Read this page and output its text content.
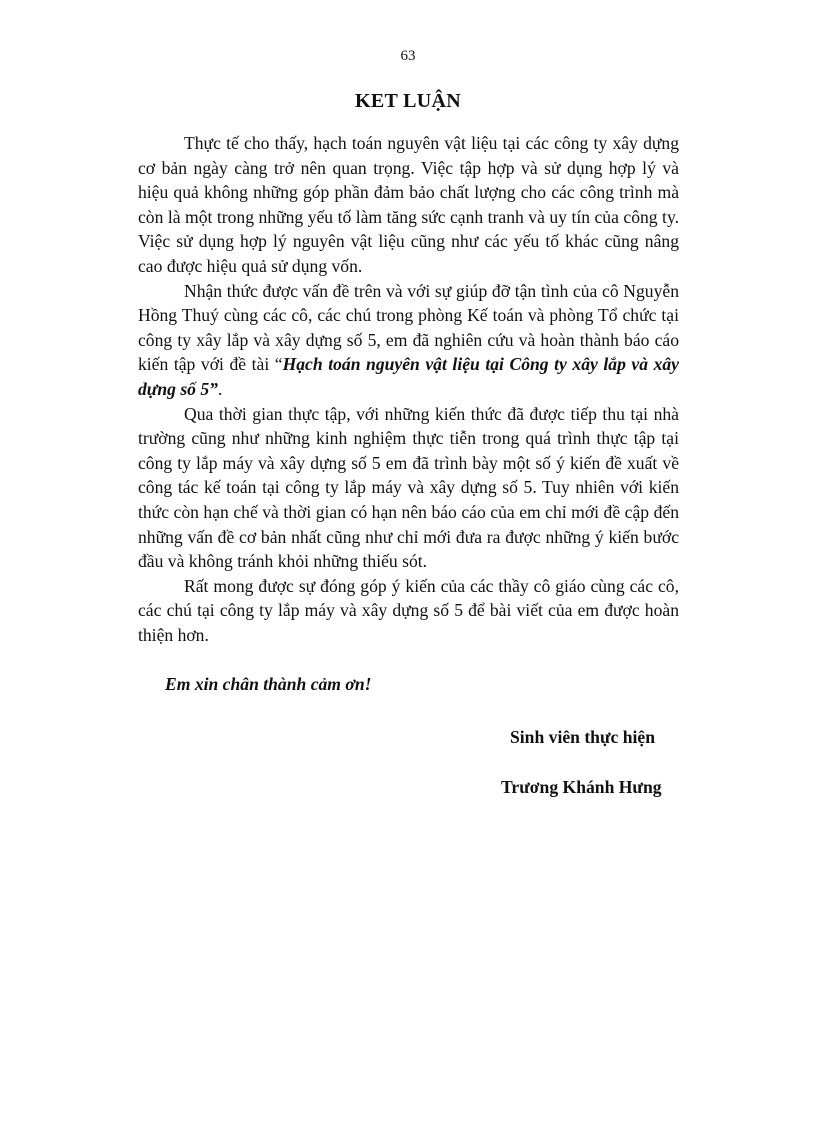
63
KET LUẬN

Thực tế cho thấy, hạch toán nguyên vật liệu tại các công ty xây dựng cơ bản ngày càng trở nên quan trọng. Việc tập hợp và sử dụng hợp lý và hiệu quả không những góp phần đảm bảo chất lượng cho các công trình mà còn là một trong những yếu tố làm tăng sức cạnh tranh và uy tín của công ty. Việc sử dụng hợp lý nguyên vật liệu cũng như các yếu tố khác cũng nâng cao được hiệu quả sử dụng vốn.

Nhận thức được vấn đề trên và với sự giúp đỡ tận tình của cô Nguyễn Hồng Thuý cùng các cô, các chú trong phòng Kế toán và phòng Tổ chức tại công ty xây lắp và xây dựng số 5, em đã nghiên cứu và hoàn thành báo cáo kiến tập với đề tài “Hạch toán nguyên vật liệu tại Công ty xây lắp và xây dựng số 5”.

Qua thời gian thực tập, với những kiến thức đã được tiếp thu tại nhà trường cũng như những kinh nghiệm thực tiễn trong quá trình thực tập tại công ty lắp máy và xây dựng số 5 em đã trình bày một số ý kiến đề xuất về công tác kế toán tại công ty lắp máy và xây dựng số 5. Tuy nhiên với kiến thức còn hạn chế và thời gian có hạn nên báo cáo của em chỉ mới đề cập đến những vấn đề cơ bản nhất cũng như chỉ mới đưa ra được những ý kiến bước đầu và không tránh khỏi những thiếu sót.

Rất mong được sự đóng góp ý kiến của các thầy cô giáo cùng các cô, các chú tại công ty lắp máy và xây dựng số 5 để bài viết của em được hoàn thiện hơn.

Em xin chân thành cảm ơn!
Sinh viên thực hiện
Trương Khánh Hưng
